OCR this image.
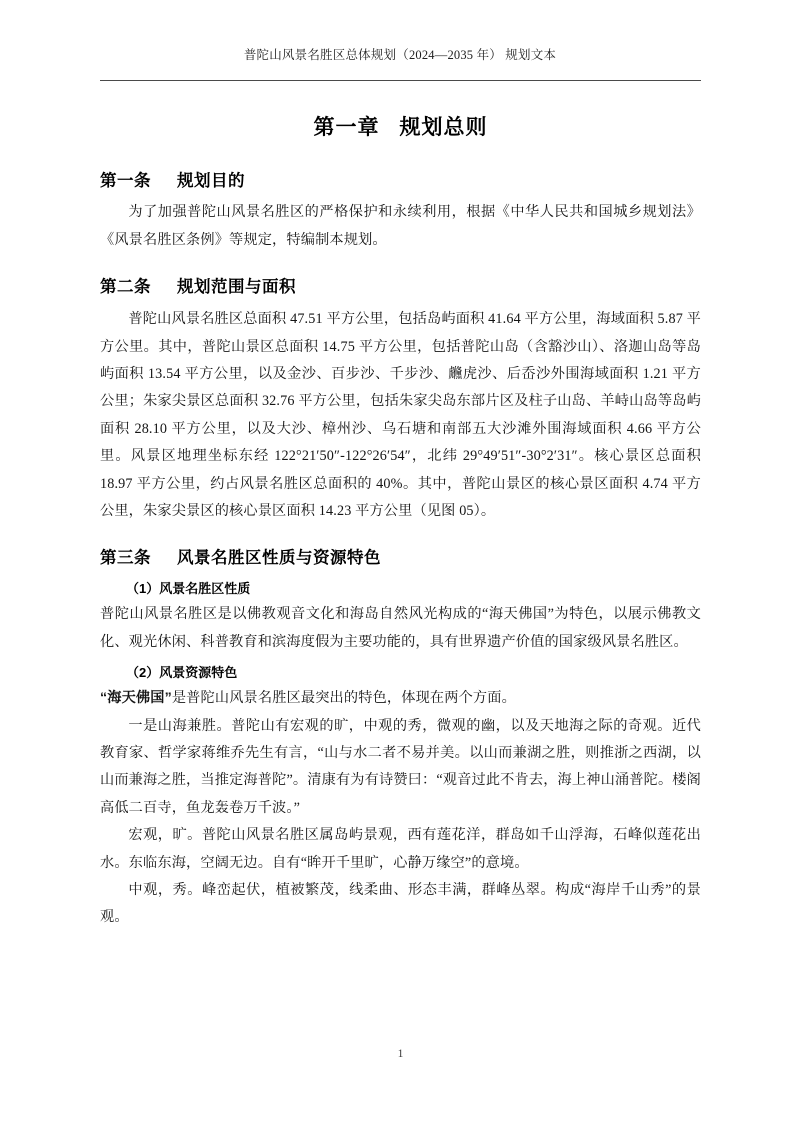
普陀山风景名胜区总体规划（2024—2035 年） 规划文本
第一章 规划总则
第一条 规划目的

为了加强普陀山风景名胜区的严格保护和永续利用，根据《中华人民共和国城乡规划法》《风景名胜区条例》等规定，特编制本规划。

第二条 规划范围与面积

普陀山风景名胜区总面积 47.51 平方公里，包括岛屿面积 41.64 平方公里，海域面积 5.87 平方公里。其中，普陀山景区总面积 14.75 平方公里，包括普陀山岛（含豁沙山）、洛迦山岛等岛屿面积 13.54 平方公里，以及金沙、百步沙、千步沙、虪虎沙、后岙沙外围海域面积 1.21 平方公里；朱家尖景区总面积 32.76 平方公里，包括朱家尖岛东部片区及柱子山岛、羊峙山岛等岛屿面积 28.10 平方公里，以及大沙、樟州沙、乌石塘和南部五大沙滩外围海域面积 4.66 平方公里。风景区地理坐标东经 122°21′50″-122°26′54″，北纬 29°49′51″-30°2′31″。核心景区总面积 18.97 平方公里，约占风景名胜区总面积的 40%。其中，普陀山景区的核心景区面积 4.74 平方公里，朱家尖景区的核心景区面积 14.23 平方公里（见图 05）。

第三条 风景名胜区性质与资源特色
（1）风景名胜区性质

普陀山风景名胜区是以佛教观音文化和海岛自然风光构成的“海天佛国”为特色，以展示佛教文化、观光休闲、科普教育和滨海度假为主要功能的，具有世界遗产价值的国家级风景名胜区。

（2）风景资源特色

“海天佛国”是普陀山风景名胜区最突出的特色，体现在两个方面。

一是山海兼胜。普陀山有宏观的旷，中观的秀，微观的幽，以及天地海之际的奇观。近代教育家、哲学家蒋维乔先生有言，“山与水二者不易并美。以山而兼湖之胜，则推浙之西湖，以山而兼海之胜，当推定海普陀”。清康有为有诗赞曰：“观音过此不肯去，海上神山涌普陀。楼阁高低二百寺，鱼龙轰卷万千波。”

宏观，旷。普陀山风景名胜区属岛屿景观，西有莲花洋，群岛如千山浮海，石峰似莲花出水。东临东海，空阔无边。自有“眸开千里旷，心静万缘空”的意境。

中观，秀。峰峦起伏，植被繁茂，线柔曲、形态丰满，群峰丛翠。构成“海岸千山秀”的景观。

1
